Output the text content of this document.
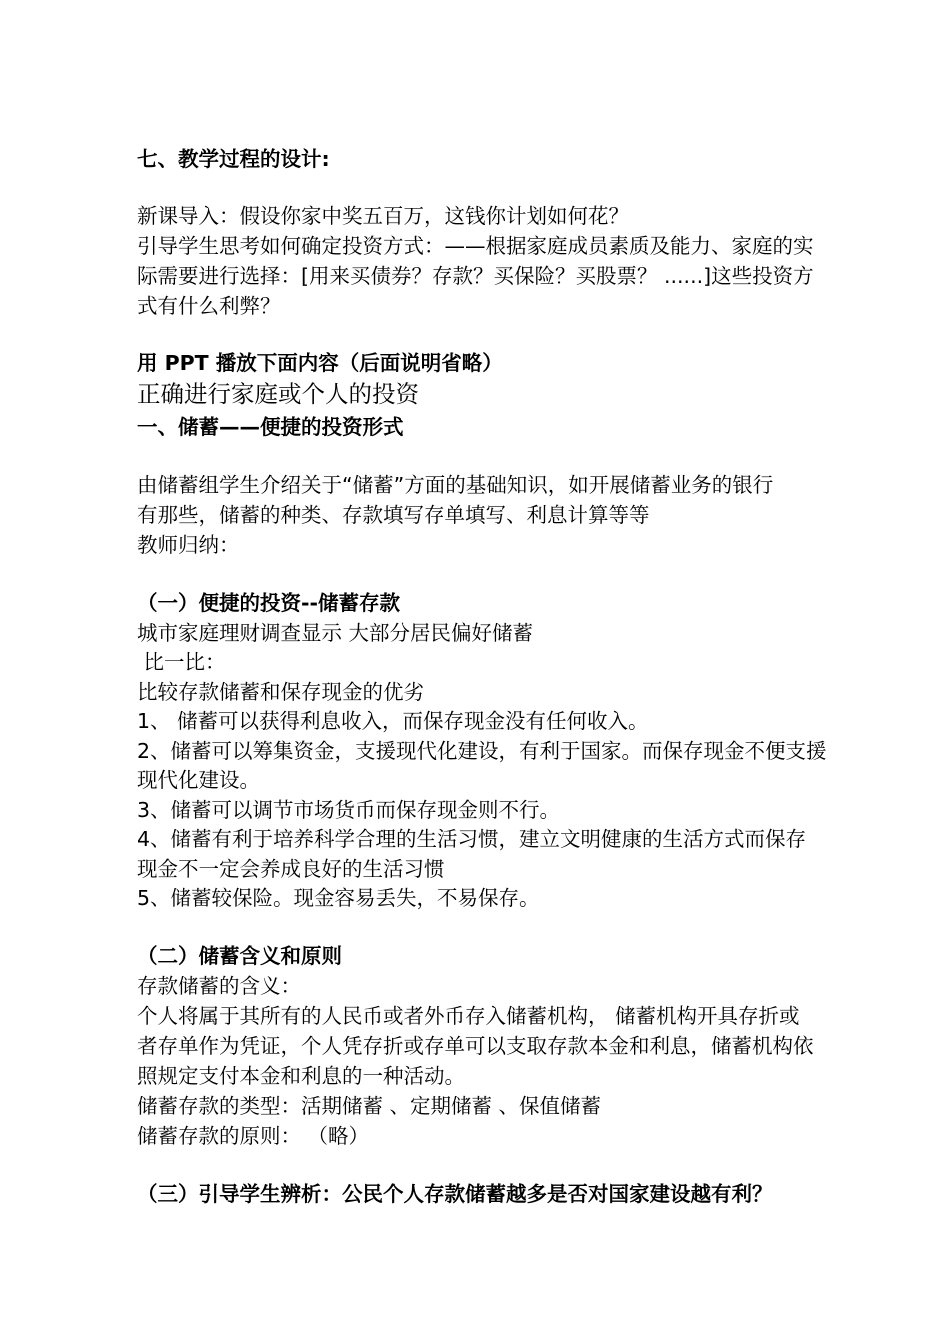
七、教学过程的设计:
新课导入：假设你家中奖五百万，这钱你计划如何花？
引导学生思考如何确定投资方式：——根据家庭成员素质及能力、家庭的实
际需要进行选择：[用来买债券？存款？买保险？买股票？ ......]这些投资方
式有什么利弊？
用 PPT 播放下面内容（后面说明省略）
正确进行家庭或个人的投资
一、储蓄——便捷的投资形式
由储蓄组学生介绍关于“储蓄”方面的基础知识，如开展储蓄业务的银行
有那些，储蓄的种类、存款填写存单填写、利息计算等等
教师归纳：
（一）便捷的投资--储蓄存款
城市家庭理财调查显示 大部分居民偏好储蓄
比一比：
比较存款储蓄和保存现金的优劣
1、 储蓄可以获得利息收入，而保存现金没有任何收入。
2、储蓄可以筹集资金，支援现代化建设，有利于国家。而保存现金不便支援
现代化建设。
3、储蓄可以调节市场货币而保存现金则不行。
4、储蓄有利于培养科学合理的生活习惯，建立文明健康的生活方式而保存
现金不一定会养成良好的生活习惯
5、储蓄较保险。现金容易丢失，不易保存。
（二）储蓄含义和原则
存款储蓄的含义：
个人将属于其所有的人民币或者外币存入储蓄机构， 储蓄机构开具存折或
者存单作为凭证，个人凭存折或存单可以支取存款本金和利息，储蓄机构依
照规定支付本金和利息的一种活动。
储蓄存款的类型：活期储蓄 、定期储蓄 、保值储蓄
储蓄存款的原则： （略）
（三）引导学生辨析：公民个人存款储蓄越多是否对国家建设越有利？
